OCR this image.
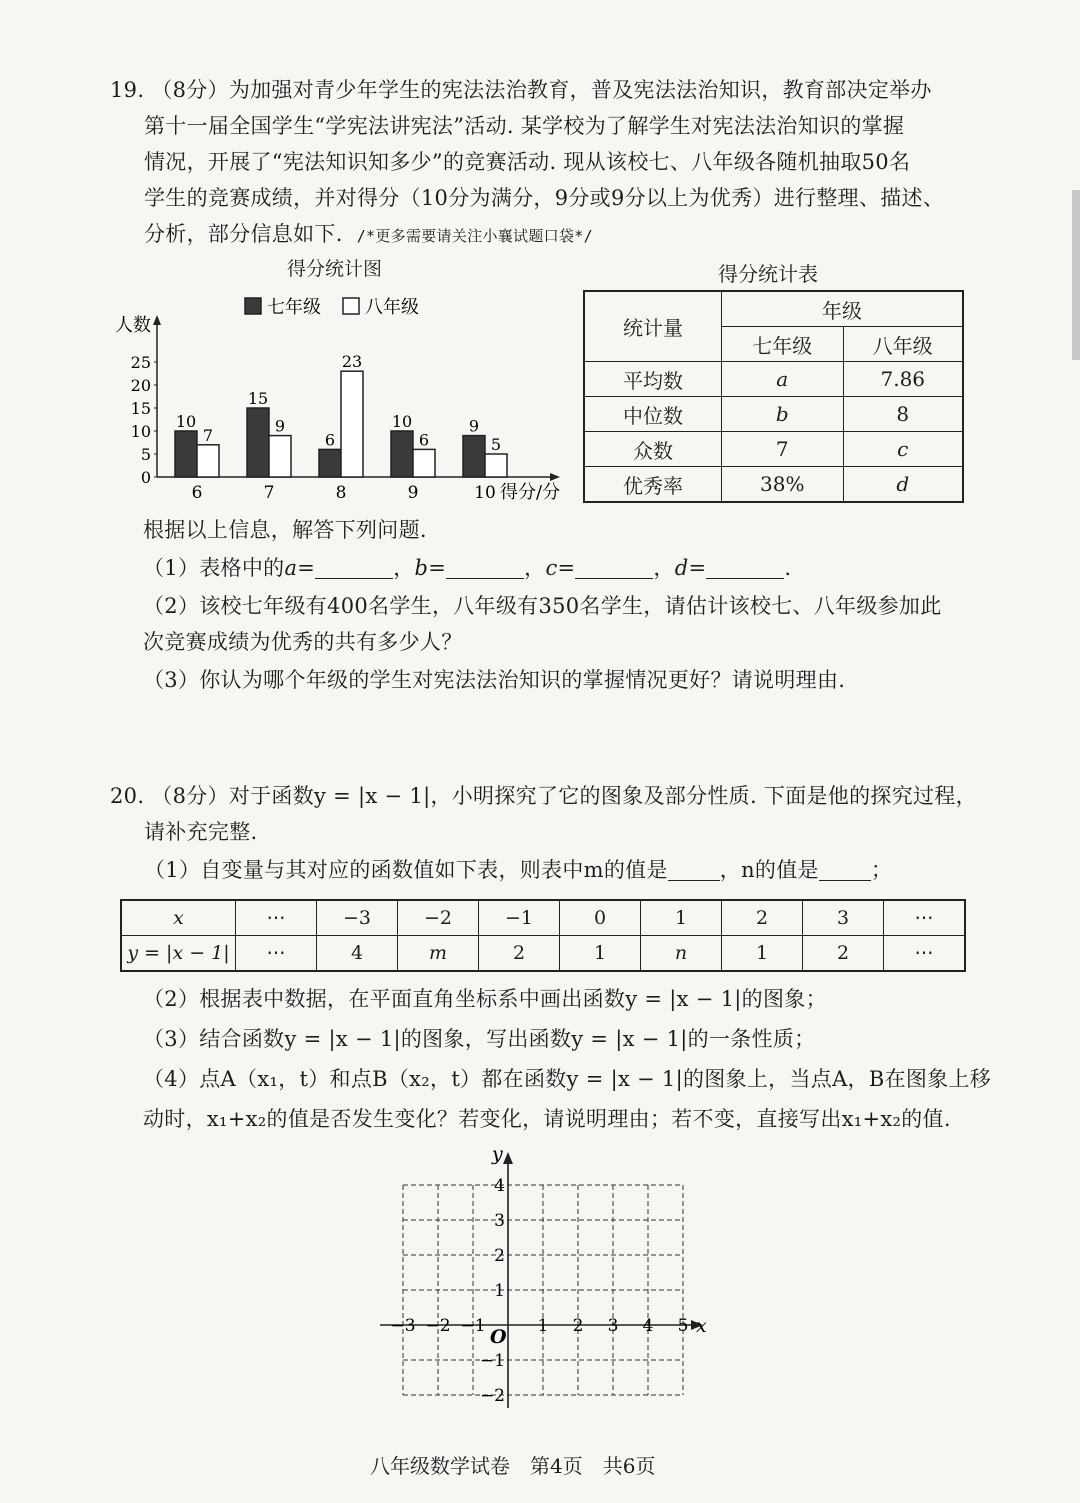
19. （8分）为加强对青少年学生的宪法法治教育，普及宪法法治知识，教育部决定举办
第十一届全国学生“学宪法讲宪法”活动. 某学校为了解学生对宪法法治知识的掌握
情况，开展了“宪法知识知多少”的竞赛活动. 现从该校七、八年级各随机抽取50名
学生的竞赛成绩，并对得分（10分为满分，9分或9分以上为优秀）进行整理、描述、
分析，部分信息如下. /*更多需要请关注小襄试题口袋*/
得分统计图	得分统计表
七年级 八年级
人数
得分/分
0
5
10
15
20
25
10
7
6
15
9
7
6
23
8
10
6
9
9
5
10
统计量	年级	
	七年级	八年级
平均数	a	7.86
中位数	b	8
众数	7	c
优秀率	38%	d
根据以上信息，解答下列问题.
（1）表格中的a=	，b=	，c=	，d=	.
（2）该校七年级有400名学生，八年级有350名学生，请估计该校七、八年级参加此
次竞赛成绩为优秀的共有多少人？
（3）你认为哪个年级的学生对宪法法治知识的掌握情况更好？请说明理由.
20. （8分）对于函数y = |x − 1|，小明探究了它的图象及部分性质. 下面是他的探究过程，
请补充完整.
（1）自变量与其对应的函数值如下表，则表中m的值是 ，n的值是 ；
x	⋯	−3	−2	−1	0	1	2	3	⋯
y = |x − 1|	⋯	4	m	2	1	n	1	2	⋯
（2）根据表中数据，在平面直角坐标系中画出函数y = |x − 1|的图象；
（3）结合函数y = |x − 1|的图象，写出函数y = |x − 1|的一条性质；
（4）点A（x₁，t）和点B（x₂，t）都在函数y = |x − 1|的图象上，当点A，B在图象上移
动时，x₁+x₂的值是否发生变化？若变化，请说明理由；若不变，直接写出x₁+x₂的值.
x
y
O
−3 −2 −1	1 2 3 4 5
4
3
2
1
−1
−2
八年级数学试卷　第4页　共6页
